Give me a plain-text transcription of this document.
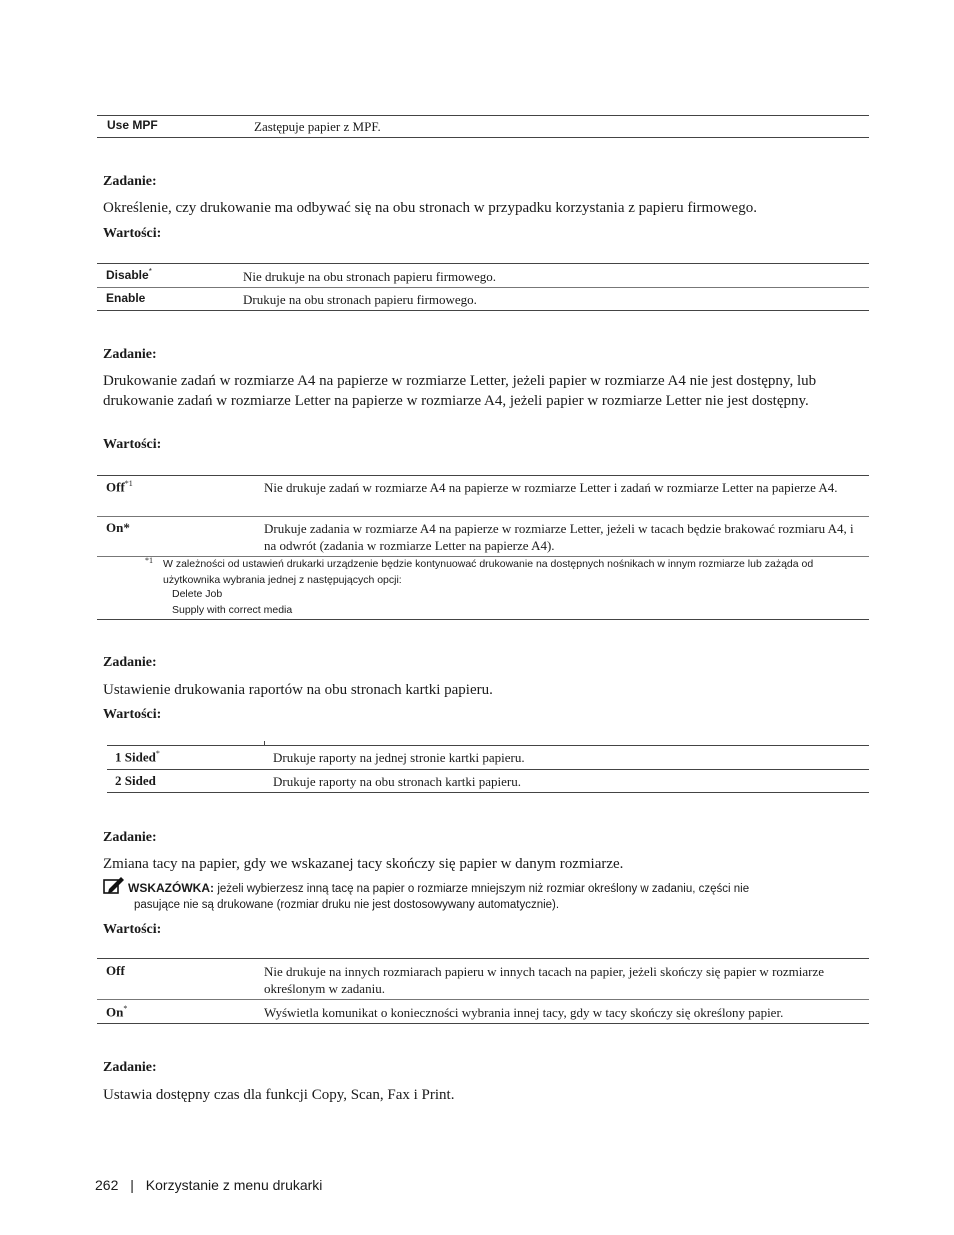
Use MPF	Zastępuje papier z MPF.
Zadanie:
Określenie, czy drukowanie ma odbywać się na obu stronach w przypadku korzystania z papieru firmowego.
Wartości:
Disable*	Nie drukuje na obu stronach papieru firmowego.
Enable	Drukuje na obu stronach papieru firmowego.
Zadanie:
Drukowanie zadań w rozmiarze A4 na papierze w rozmiarze Letter, jeżeli papier w rozmiarze A4 nie jest dostępny, lub drukowanie zadań w rozmiarze Letter na papierze w rozmiarze A4, jeżeli papier w rozmiarze Letter nie jest dostępny.
Wartości:
Off$^{*1}$	Nie drukuje zadań w rozmiarze A4 na papierze w rozmiarze Letter i zadań w rozmiarze Letter na papierze A4.
On*	Drukuje zadania w rozmiarze A4 na papierze w rozmiarze Letter, jeżeli w tacach będzie brakować rozmiaru A4, i na odwrót (zadania w rozmiarze Letter na papierze A4).
*1 W zależności od ustawień drukarki urządzenie będzie kontynuować drukowanie na dostępnych nośnikach w innym rozmiarze lub zażąda od użytkownika wybrania jednej z następujących opcji:
Delete Job
Supply with correct media
Zadanie:
Ustawienie drukowania raportów na obu stronach kartki papieru.
Wartości:
1 Sided*	Drukuje raporty na jednej stronie kartki papieru.
2 Sided	Drukuje raporty na obu stronach kartki papieru.
Zadanie:
Zmiana tacy na papier, gdy we wskazanej tacy skończy się papier w danym rozmiarze.
WSKAZÓWKA: jeżeli wybierzesz inną tacę na papier o rozmiarze mniejszym niż rozmiar określony w zadaniu, części nie
pasujące nie są drukowane (rozmiar druku nie jest dostosowywany automatycznie).
Wartości:
Off	Nie drukuje na innych rozmiarach papieru w innych tacach na papier, jeżeli skończy się papier w rozmiarze określonym w zadaniu.
On*	Wyświetla komunikat o konieczności wybrania innej tacy, gdy w tacy skończy się określony papier.
Zadanie:
Ustawia dostępny czas dla funkcji Copy, Scan, Fax i Print.
262 | Korzystanie z menu drukarki
